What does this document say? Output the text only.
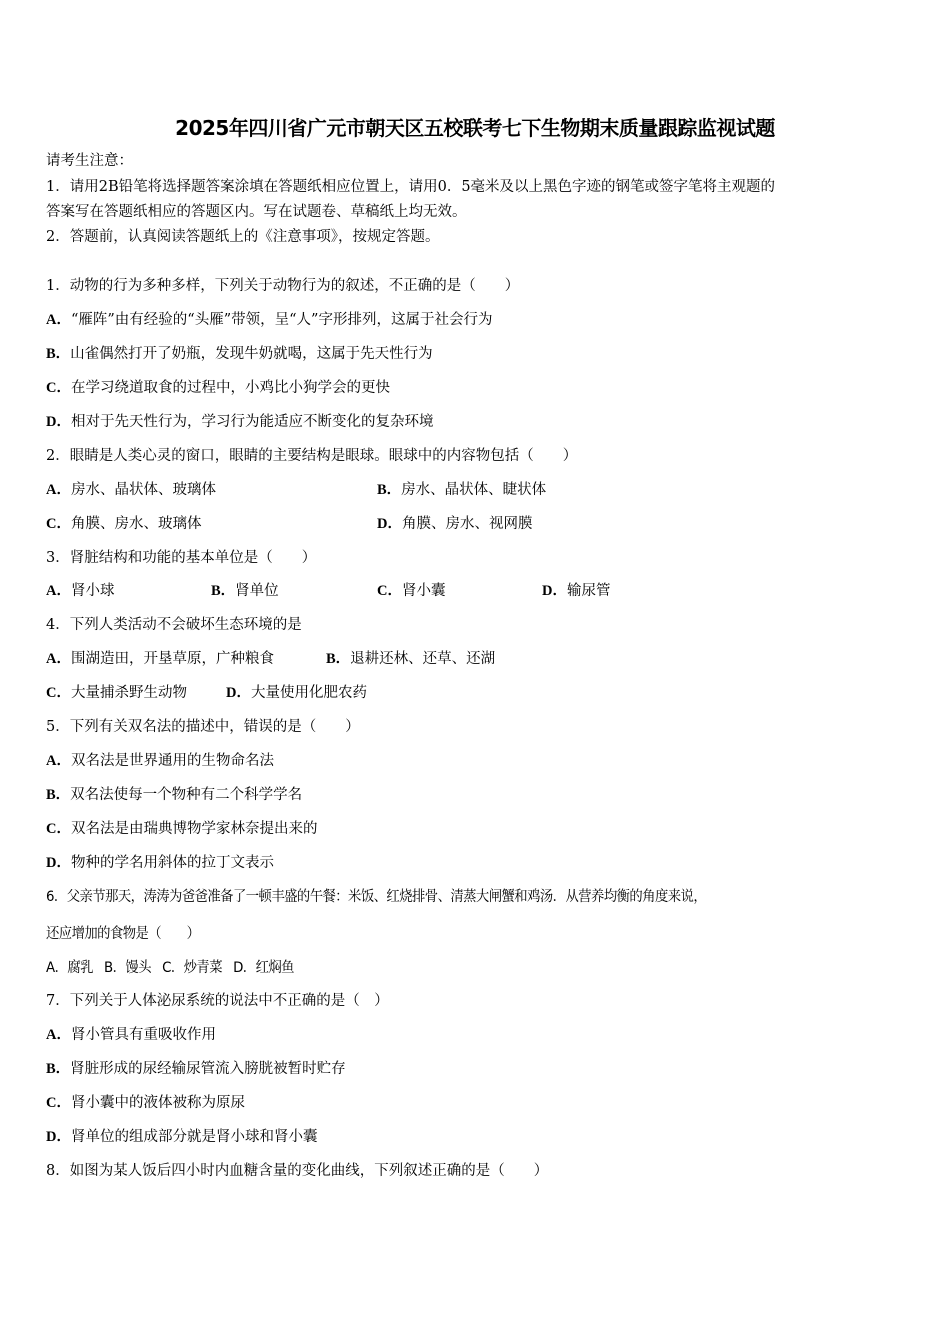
2025年四川省广元市朝天区五校联考七下生物期末质量跟踪监视试题
请考生注意：
1．请用2B铅笔将选择题答案涂填在答题纸相应位置上，请用0．5毫米及以上黑色字迹的钢笔或签字笔将主观题的
答案写在答题纸相应的答题区内。写在试题卷、草稿纸上均无效。
2．答题前，认真阅读答题纸上的《注意事项》，按规定答题。
1．动物的行为多种多样，下列关于动物行为的叙述，不正确的是（　　）
A．“雁阵”由有经验的“头雁”带领，呈“人”字形排列，这属于社会行为
B．山雀偶然打开了奶瓶，发现牛奶就喝，这属于先天性行为
C．在学习绕道取食的过程中，小鸡比小狗学会的更快
D．相对于先天性行为，学习行为能适应不断变化的复杂环境
2．眼睛是人类心灵的窗口，眼睛的主要结构是眼球。眼球中的内容物包括（　　）
A．房水、晶状体、玻璃体	B．房水、晶状体、睫状体
C．角膜、房水、玻璃体	D．角膜、房水、视网膜
3．肾脏结构和功能的基本单位是（　　）
A．肾小球	B．肾单位	C．肾小囊	D．输尿管
4．下列人类活动不会破坏生态环境的是
A．围湖造田，开垦草原，广种粮食	B．退耕还林、还草、还湖
C．大量捕杀野生动物	D．大量使用化肥农药
5．下列有关双名法的描述中，错误的是（　　）
A．双名法是世界通用的生物命名法
B．双名法使每一个物种有二个科学学名
C．双名法是由瑞典博物学家林奈提出来的
D．物种的学名用斜体的拉丁文表示
6．父亲节那天，涛涛为爸爸准备了一顿丰盛的午餐：米饭、红烧排骨、清蒸大闸蟹和鸡汤．从营养均衡的角度来说，
还应增加的食物是（　　）
A．腐乳 B．馒头 C．炒青菜 D．红焖鱼
7．下列关于人体泌尿系统的说法中不正确的是（　）
A．肾小管具有重吸收作用
B．肾脏形成的尿经输尿管流入膀胱被暂时贮存
C．肾小囊中的液体被称为原尿
D．肾单位的组成部分就是肾小球和肾小囊
8．如图为某人饭后四小时内血糖含量的变化曲线，下列叙述正确的是（　　）
